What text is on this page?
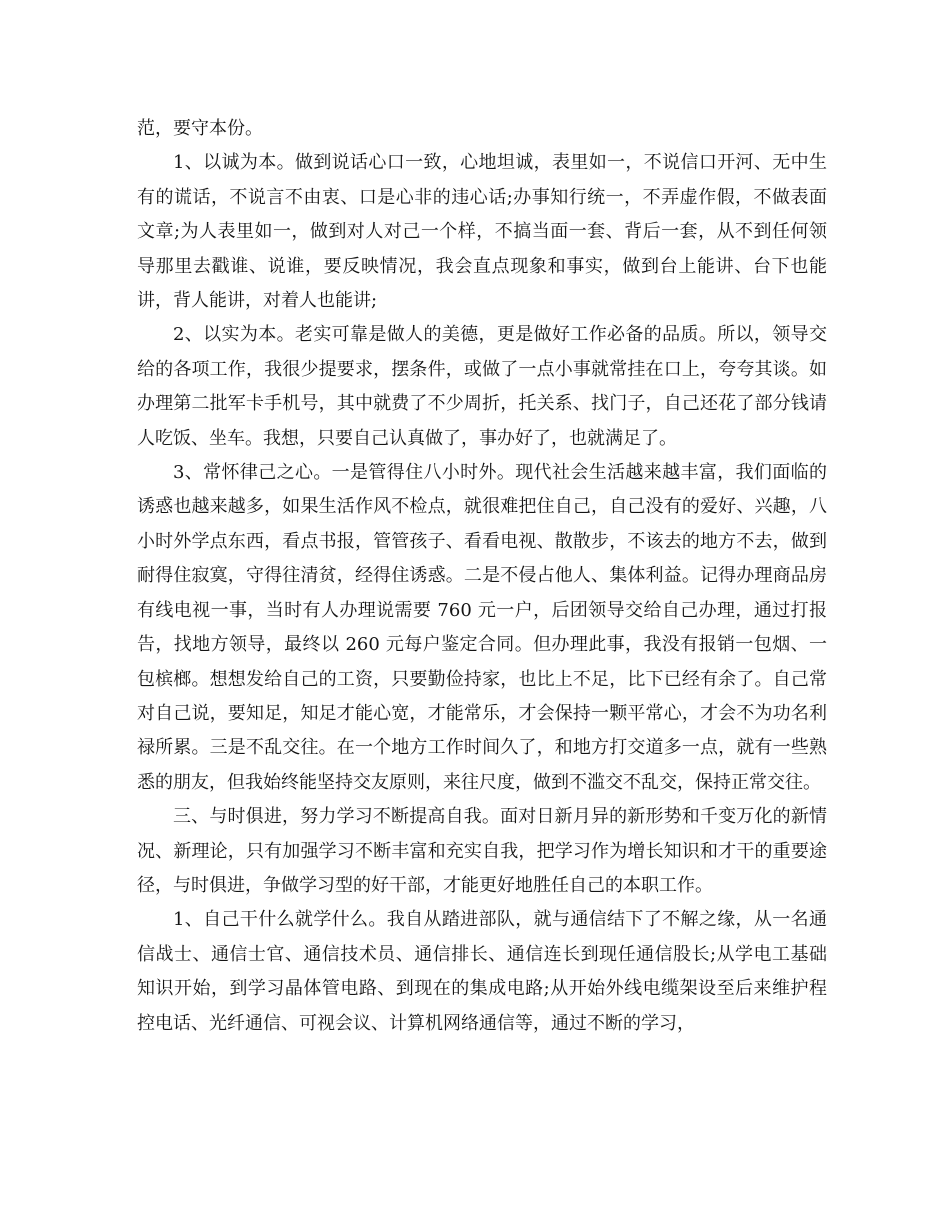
范，要守本份。

1、以诚为本。做到说话心口一致，心地坦诚，表里如一，不说信口开河、无中生有的谎话，不说言不由衷、口是心非的违心话;办事知行统一，不弄虚作假，不做表面文章;为人表里如一，做到对人对己一个样，不搞当面一套、背后一套，从不到任何领导那里去戳谁、说谁，要反映情况，我会直点现象和事实，做到台上能讲、台下也能讲，背人能讲，对着人也能讲;

2、以实为本。老实可靠是做人的美德，更是做好工作必备的品质。所以，领导交给的各项工作，我很少提要求，摆条件，或做了一点小事就常挂在口上，夸夸其谈。如办理第二批军卡手机号，其中就费了不少周折，托关系、找门子，自己还花了部分钱请人吃饭、坐车。我想，只要自己认真做了，事办好了，也就满足了。

3、常怀律己之心。一是管得住八小时外。现代社会生活越来越丰富，我们面临的诱惑也越来越多，如果生活作风不检点，就很难把住自己，自己没有的爱好、兴趣，八小时外学点东西，看点书报，管管孩子、看看电视、散散步，不该去的地方不去，做到耐得住寂寞，守得往清贫，经得住诱惑。二是不侵占他人、集体利益。记得办理商品房有线电视一事，当时有人办理说需要 760 元一户，后团领导交给自己办理，通过打报告，找地方领导，最终以 260 元每户鉴定合同。但办理此事，我没有报销一包烟、一包槟榔。想想发给自己的工资，只要勤俭持家，也比上不足，比下已经有余了。自己常对自己说，要知足，知足才能心宽，才能常乐，才会保持一颗平常心，才会不为功名利禄所累。三是不乱交往。在一个地方工作时间久了，和地方打交道多一点，就有一些熟悉的朋友，但我始终能坚持交友原则，来往尺度，做到不滥交不乱交，保持正常交往。

三、与时俱进，努力学习不断提高自我。面对日新月异的新形势和千变万化的新情况、新理论，只有加强学习不断丰富和充实自我，把学习作为增长知识和才干的重要途径，与时俱进，争做学习型的好干部，才能更好地胜任自己的本职工作。

1、自己干什么就学什么。我自从踏进部队，就与通信结下了不解之缘，从一名通信战士、通信士官、通信技术员、通信排长、通信连长到现任通信股长;从学电工基础知识开始，到学习晶体管电路、到现在的集成电路;从开始外线电缆架设至后来维护程控电话、光纤通信、可视会议、计算机网络通信等，通过不断的学习，
